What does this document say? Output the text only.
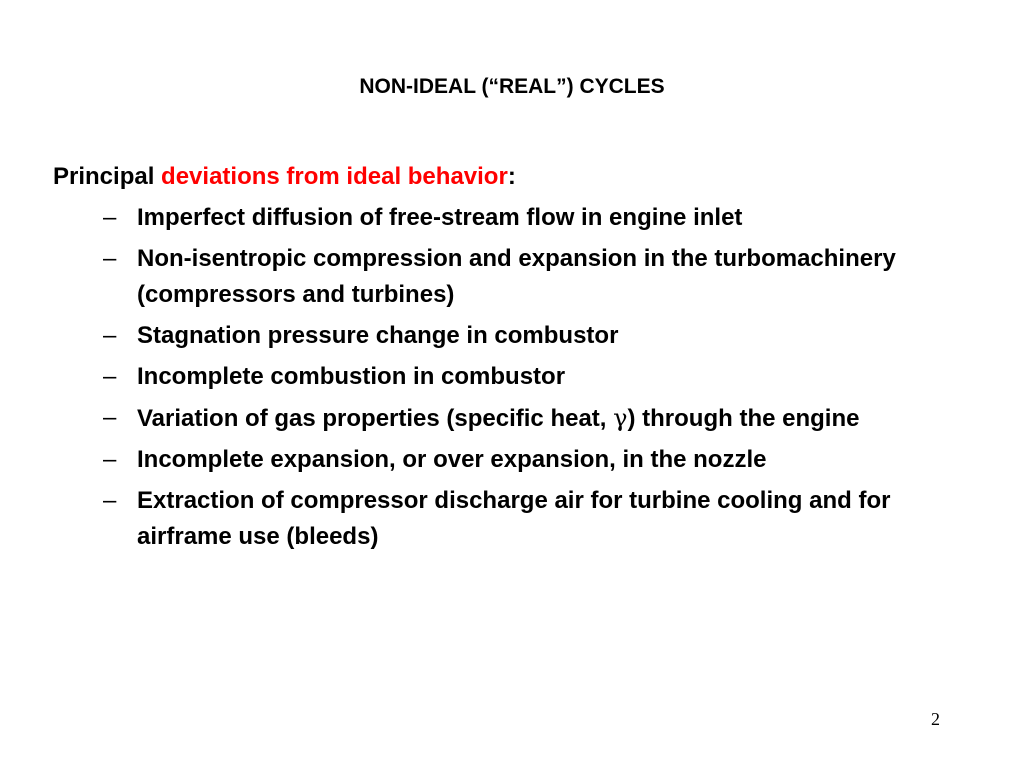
NON-IDEAL (“REAL”) CYCLES
Principal deviations from ideal behavior:
– Imperfect diffusion of free-stream flow in engine inlet
– Non-isentropic compression and expansion in the turbomachinery (compressors and turbines)
– Stagnation pressure change in combustor
– Incomplete combustion in combustor
– Variation of gas properties (specific heat, γ) through the engine
– Incomplete expansion, or over expansion, in the nozzle
– Extraction of compressor discharge air for turbine cooling and for airframe use (bleeds)
2
